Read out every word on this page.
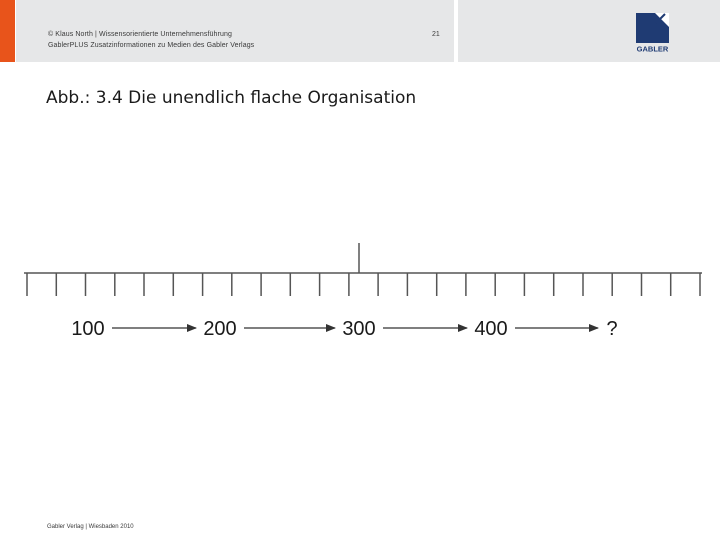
© Klaus North | Wissensorientierte Unternehmensführung
GablerPLUS Zusatzinformationen zu Medien des Gabler Verlags
21
GABLER
Abb.: 3.4 Die unendlich flache Organisation
100	200	300	400	?
Gabler Verlag | Wiesbaden 2010
